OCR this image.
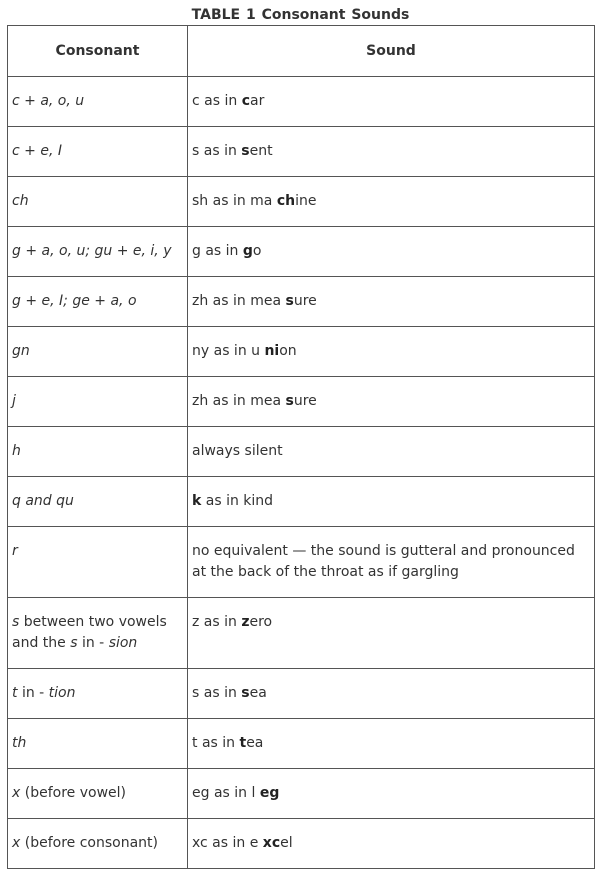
TABLE 1 Consonant Sounds
Consonant	Sound
c + a, o, u	c as in car
c + e, I	s as in sent
ch	sh as in ma chine
g + a, o, u; gu + e, i, y	g as in go
g + e, I; ge + a, o	zh as in mea sure
gn	ny as in u nion
j	zh as in mea sure
h	always silent
q and qu	k as in kind
r	no equivalent — the sound is gutteral and pronounced at the back of the throat as if gargling
s between two vowels and the s in - sion	z as in zero
t in - tion	s as in sea
th	t as in tea
x (before vowel)	eg as in l eg
x (before consonant)	xc as in e xcel
